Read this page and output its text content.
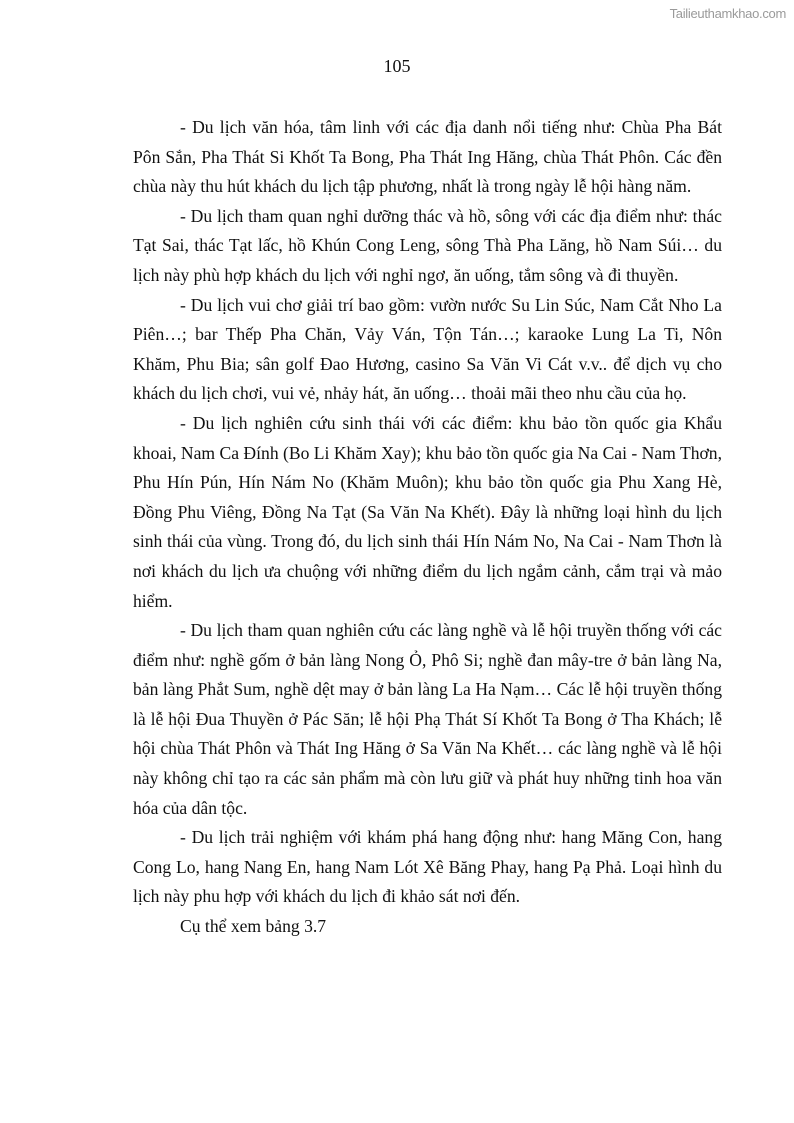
Tailieuthamkhao.com
105

- Du lịch văn hóa, tâm linh với các địa danh nổi tiếng như: Chùa Pha Bát Pôn Sắn, Pha Thát Si Khốt Ta Bong, Pha Thát Ing Hăng, chùa Thát Phôn. Các đền chùa này thu hút khách du lịch tập phương, nhất là trong ngày lễ hội hàng năm.

- Du lịch tham quan nghỉ dưỡng thác và hồ, sông với các địa điểm như: thác Tạt Sai, thác Tạt lấc, hồ Khún Cong Leng, sông Thà Pha Lăng, hồ Nam Súi… du lịch này phù hợp khách du lịch với nghỉ ngơ, ăn uống, tắm sông và đi thuyền.

- Du lịch vui chơ giải trí bao gồm: vườn nước Su Lin Súc, Nam Cắt Nho La Piên…; bar Thếp Pha Chăn, Vảy Ván, Tộn Tán…; karaoke Lung La Ti, Nôn Khăm, Phu Bia; sân golf Đao Hương, casino Sa Văn Vi Cát v.v.. để dịch vụ cho khách du lịch chơi, vui vẻ, nhảy hát, ăn uống… thoải mãi theo nhu cầu của họ.

- Du lịch nghiên cứu sinh thái với các điểm: khu bảo tồn quốc gia Khẩu khoai, Nam Ca Đính (Bo Li Khăm Xay); khu bảo tồn quốc gia Na Cai - Nam Thơn, Phu Hín Pún, Hín Nám No (Khăm Muôn); khu bảo tồn quốc gia Phu Xang Hè, Đồng Phu Viêng, Đồng Na Tạt (Sa Văn Na Khết). Đây là những loại hình du lịch sinh thái của vùng. Trong đó, du lịch sinh thái Hín Nám No, Na Cai - Nam Thơn là nơi khách du lịch ưa chuộng với những điểm du lịch ngắm cảnh, cắm trại và mảo hiểm.

- Du lịch tham quan nghiên cứu các làng nghề và lễ hội truyền thống với các điểm như: nghề gốm ở bản làng Nong Ỏ, Phô Si; nghề đan mây-tre ở bản làng Na, bản làng Phắt Sum, nghề dệt may ở bản làng La Ha Nạm… Các lễ hội truyền thống là lễ hội Đua Thuyền ở Pác Săn; lễ hội Phạ Thát Sí Khốt Ta Bong ở Tha Khách; lễ hội chùa Thát Phôn và Thát Ing Hăng ở Sa Văn Na Khết… các làng nghề và lễ hội này không chỉ tạo ra các sản phẩm mà còn lưu giữ và phát huy những tinh hoa văn hóa của dân tộc.

- Du lịch trải nghiệm với khám phá hang động như: hang Măng Con, hang Cong Lo, hang Nang En, hang Nam Lót Xê Băng Phay, hang Pạ Phả. Loại hình du lịch này phu hợp với khách du lịch đi khảo sát nơi đến.

Cụ thể xem bảng 3.7
